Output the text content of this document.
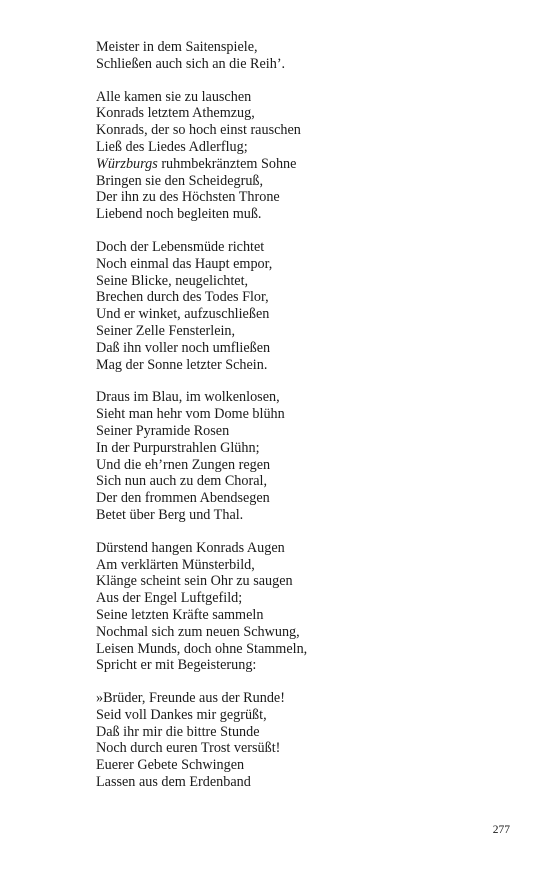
Meister in dem Saitenspiele,
Schließen auch sich an die Reih’.
Alle kamen sie zu lauschen
Konrads letztem Athemzug,
Konrads, der so hoch einst rauschen
Ließ des Liedes Adlerflug;
Würzburgs ruhmbekränztem Sohne
Bringen sie den Scheidegruß,
Der ihn zu des Höchsten Throne
Liebend noch begleiten muß.
Doch der Lebensmüde richtet
Noch einmal das Haupt empor,
Seine Blicke, neugelichtet,
Brechen durch des Todes Flor,
Und er winket, aufzuschließen
Seiner Zelle Fensterlein,
Daß ihn voller noch umfließen
Mag der Sonne letzter Schein.
Draus im Blau, im wolkenlosen,
Sieht man hehr vom Dome blühn
Seiner Pyramide Rosen
In der Purpurstrahlen Glühn;
Und die eh’rnen Zungen regen
Sich nun auch zu dem Choral,
Der den frommen Abendsegen
Betet über Berg und Thal.
Dürstend hangen Konrads Augen
Am verklärten Münsterbild,
Klänge scheint sein Ohr zu saugen
Aus der Engel Luftgefild;
Seine letzten Kräfte sammeln
Nochmal sich zum neuen Schwung,
Leisen Munds, doch ohne Stammeln,
Spricht er mit Begeisterung:
»Brüder, Freunde aus der Runde!
Seid voll Dankes mir gegrüßt,
Daß ihr mir die bittre Stunde
Noch durch euren Trost versüßt!
Euerer Gebete Schwingen
Lassen aus dem Erdenband
277
